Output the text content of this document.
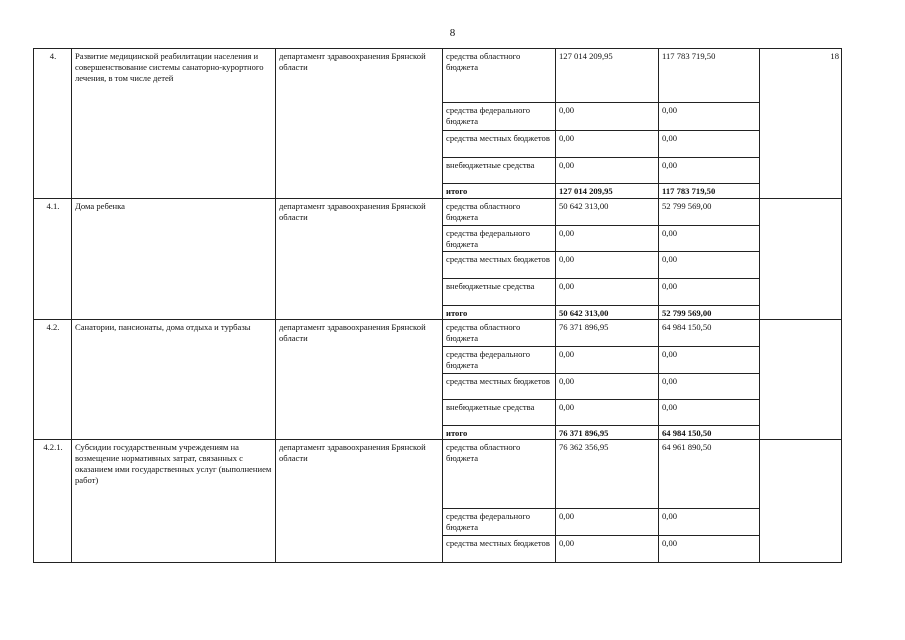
8
4.	Развитие медицинской реабилитации населения и совершенствование системы санаторно-курортного лечения, в том числе детей	департамент здравоохранения Брянской области	средства областного бюджета	127 014 209,95	117 783 719,50	18
			средства федерального бюджета	0,00	0,00	
			средства местных бюджетов	0,00	0,00	
			внебюджетные средства	0,00	0,00	
			итого	127 014 209,95	117 783 719,50	
4.1.	Дома ребенка	департамент здравоохранения Брянской области	средства областного бюджета	50 642 313,00	52 799 569,00	
			средства федерального бюджета	0,00	0,00	
			средства местных бюджетов	0,00	0,00	
			внебюджетные средства	0,00	0,00	
			итого	50 642 313,00	52 799 569,00	
4.2.	Санатории, пансионаты, дома отдыха и турбазы	департамент здравоохранения Брянской области	средства областного бюджета	76 371 896,95	64 984 150,50	
			средства федерального бюджета	0,00	0,00	
			средства местных бюджетов	0,00	0,00	
			внебюджетные средства	0,00	0,00	
			итого	76 371 896,95	64 984 150,50	
4.2.1.	Субсидии государственным учреждениям на возмещение нормативных затрат, связанных с оказанием ими государственных услуг (выполнением работ)	департамент здравоохранения Брянской области	средства областного бюджета	76 362 356,95	64 961 890,50	
			средства федерального бюджета	0,00	0,00	
			средства местных бюджетов	0,00	0,00	
